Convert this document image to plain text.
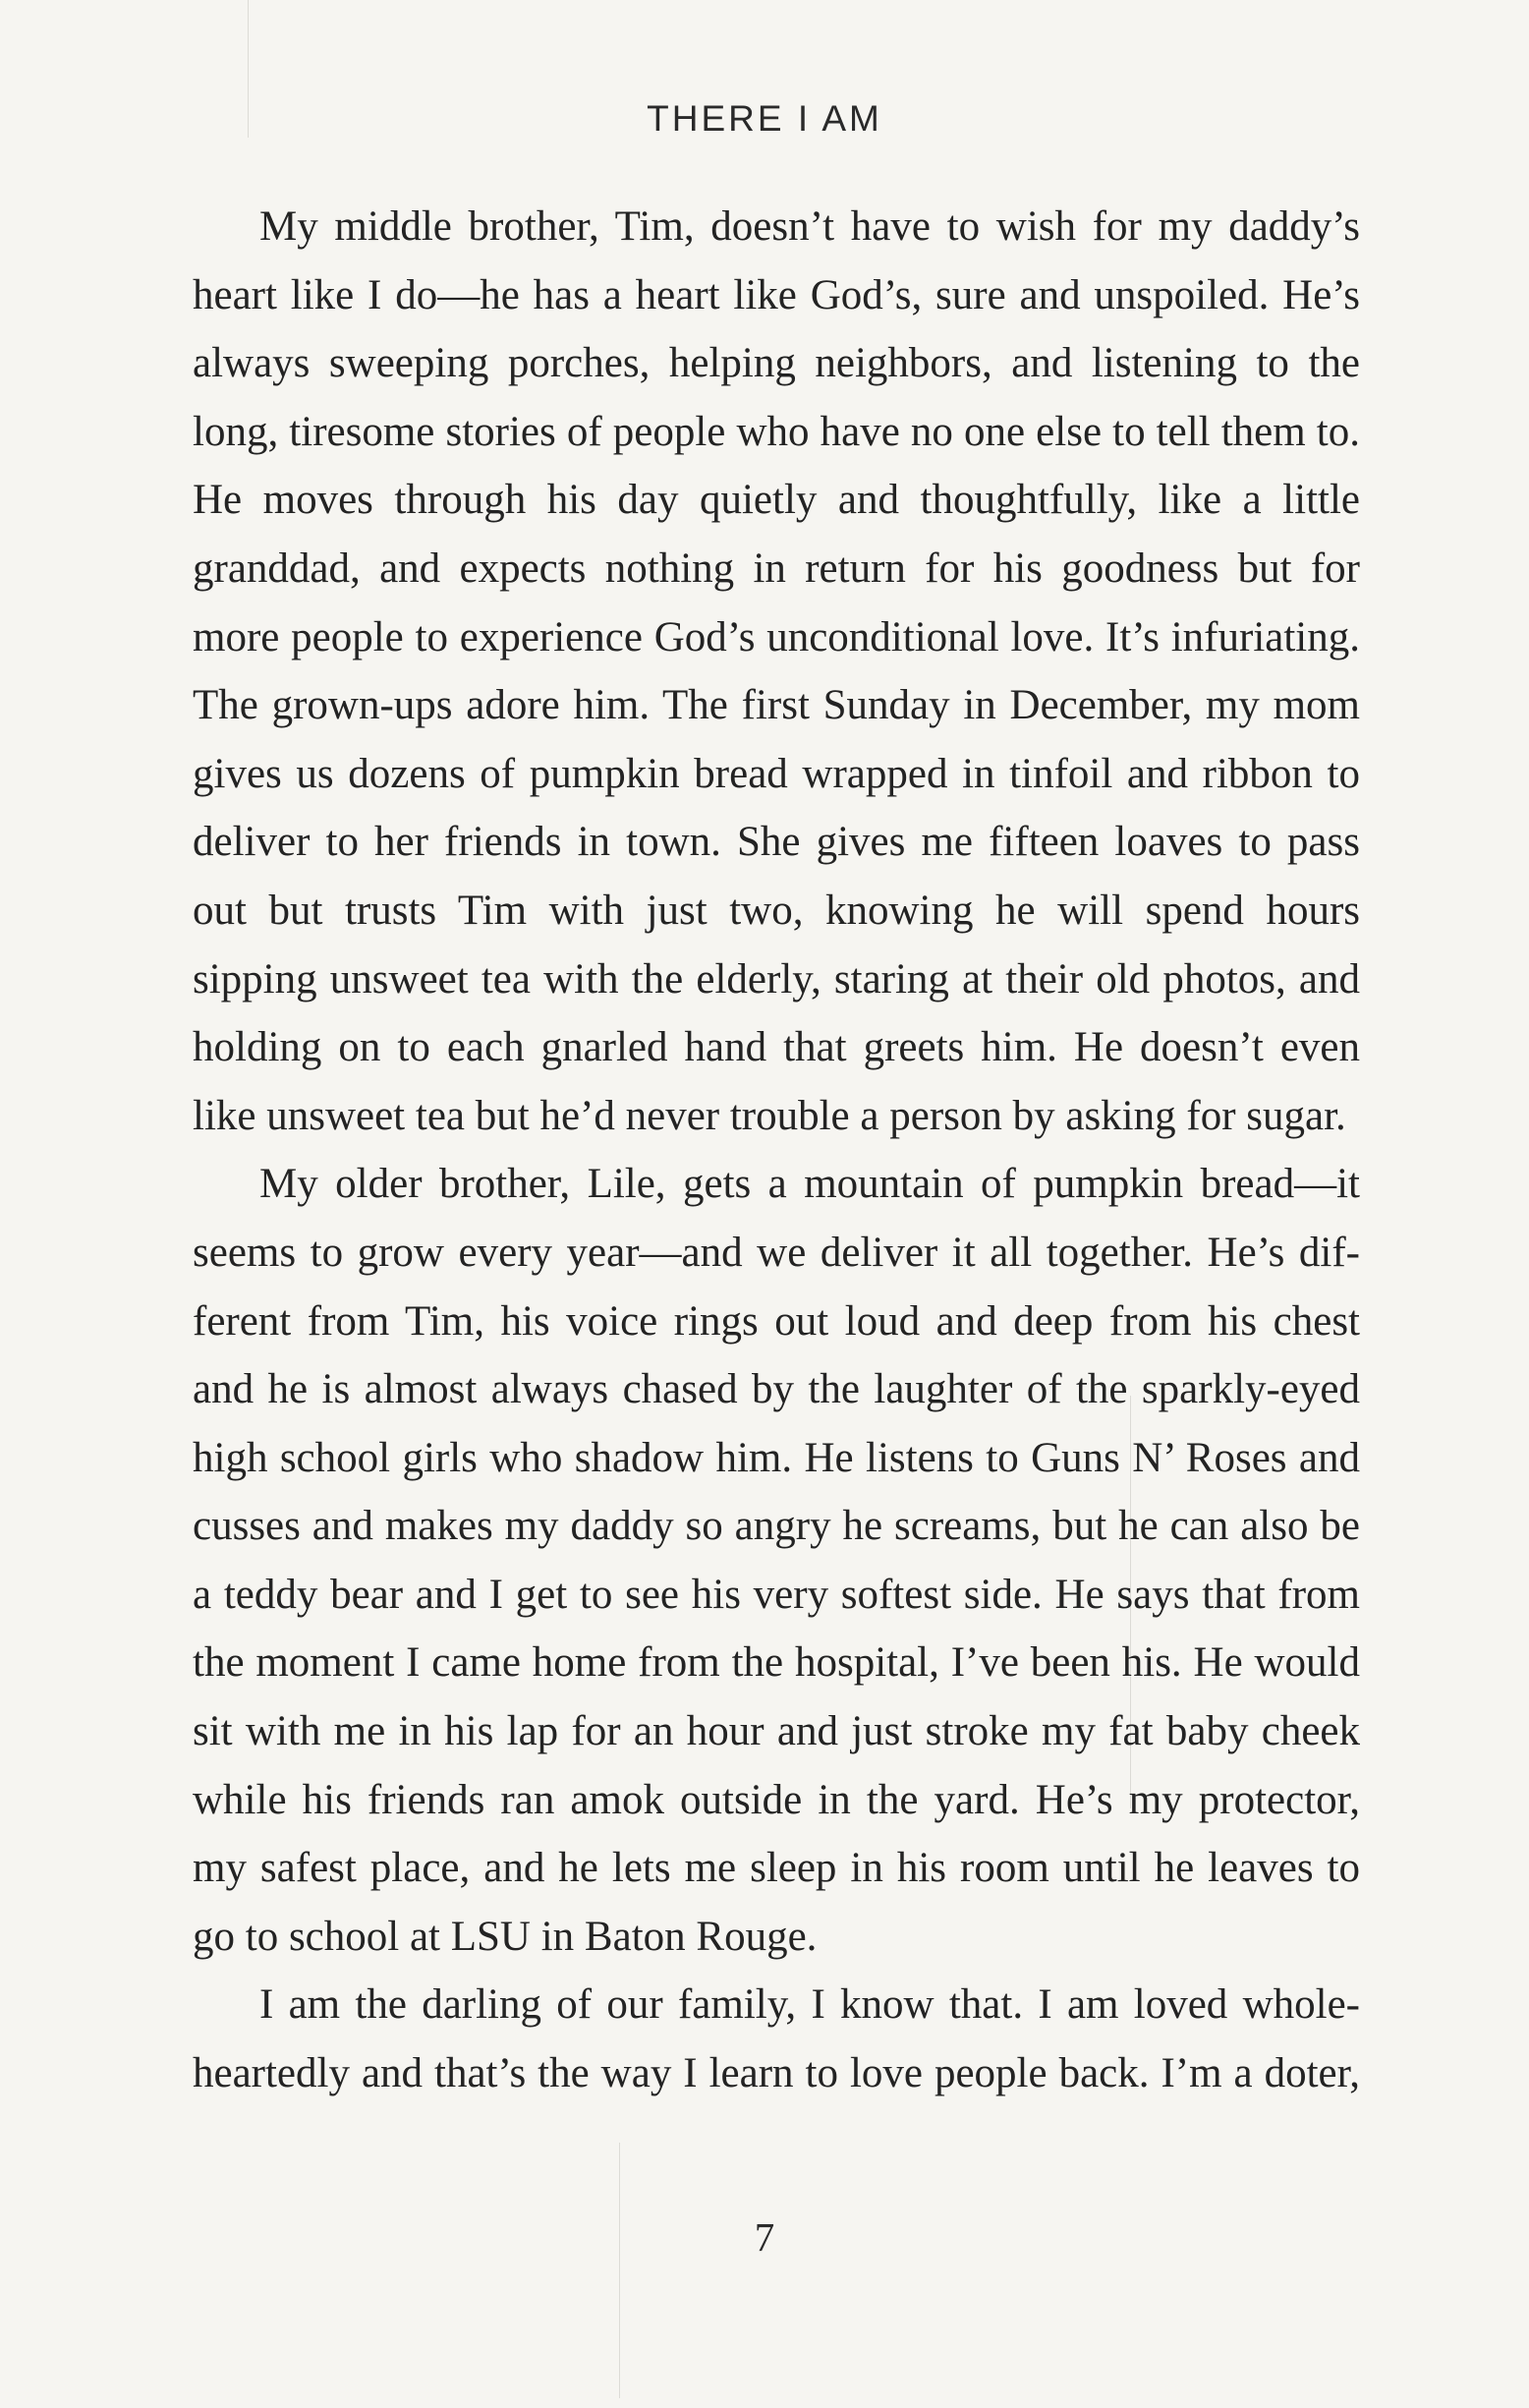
THERE I AM

My middle brother, Tim, doesn’t have to wish for my daddy’s heart like I do—he has a heart like God’s, sure and unspoiled. He’s always sweeping porches, helping neighbors, and listening to the long, tiresome stories of people who have no one else to tell them to. He moves through his day quietly and thoughtfully, like a little granddad, and expects nothing in return for his goodness but for more people to experience God’s unconditional love. It’s infuriating. The grown-ups adore him. The first Sunday in December, my mom gives us dozens of pumpkin bread wrapped in tinfoil and ribbon to deliver to her friends in town. She gives me fifteen loaves to pass out but trusts Tim with just two, knowing he will spend hours sipping unsweet tea with the elderly, staring at their old photos, and holding on to each gnarled hand that greets him. He doesn’t even like unsweet tea but he’d never trouble a person by asking for sugar.

My older brother, Lile, gets a mountain of pumpkin bread—it seems to grow every year—and we deliver it all together. He’s different from Tim, his voice rings out loud and deep from his chest and he is almost always chased by the laughter of the sparkly-eyed high school girls who shadow him. He listens to Guns N’ Roses and cusses and makes my daddy so angry he screams, but he can also be a teddy bear and I get to see his very softest side. He says that from the moment I came home from the hospital, I’ve been his. He would sit with me in his lap for an hour and just stroke my fat baby cheek while his friends ran amok outside in the yard. He’s my protector, my safest place, and he lets me sleep in his room until he leaves to go to school at LSU in Baton Rouge.

I am the darling of our family, I know that. I am loved wholeheartedly and that’s the way I learn to love people back. I’m a doter,

7
